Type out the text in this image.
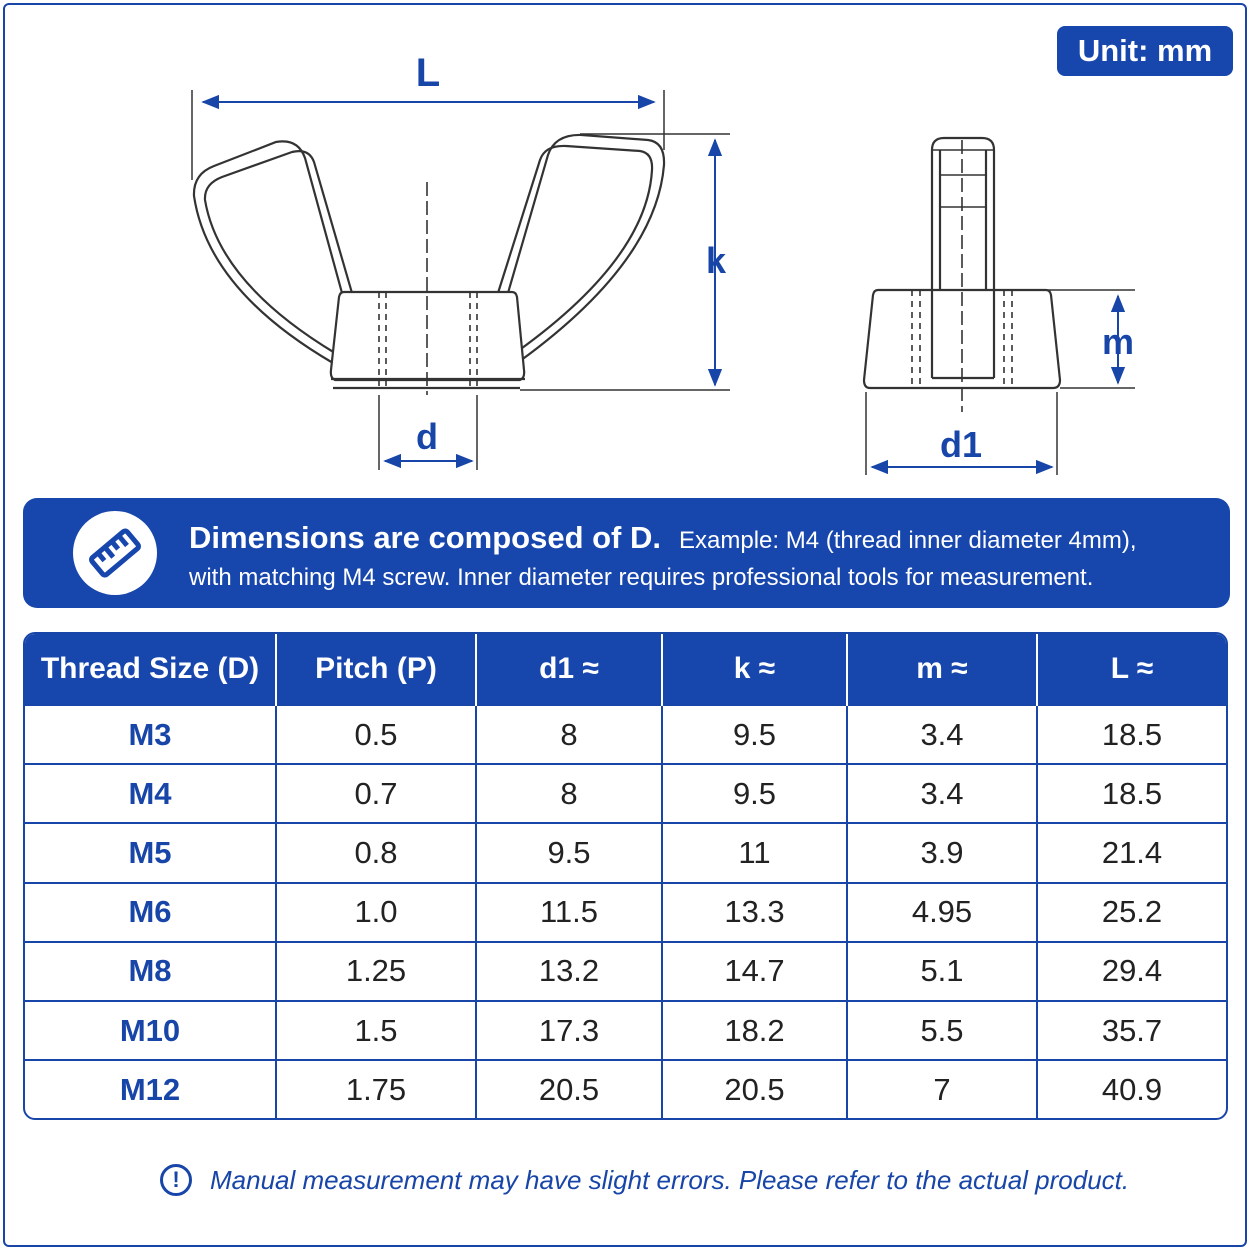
Unit: mm
L
k
d
m
d1
Dimensions are composed of D. Example: M4 (thread inner diameter 4mm),
with matching M4 screw. Inner diameter requires professional tools for measurement.
Thread Size (D)	Pitch (P)	d1 ≈	k ≈	m ≈	L ≈
M3	0.5	8	9.5	3.4	18.5
M4	0.7	8	9.5	3.4	18.5
M5	0.8	9.5	11	3.9	21.4
M6	1.0	11.5	13.3	4.95	25.2
M8	1.25	13.2	14.7	5.1	29.4
M10	1.5	17.3	18.2	5.5	35.7
M12	1.75	20.5	20.5	7	40.9
!	Manual measurement may have slight errors. Please refer to the actual product.
